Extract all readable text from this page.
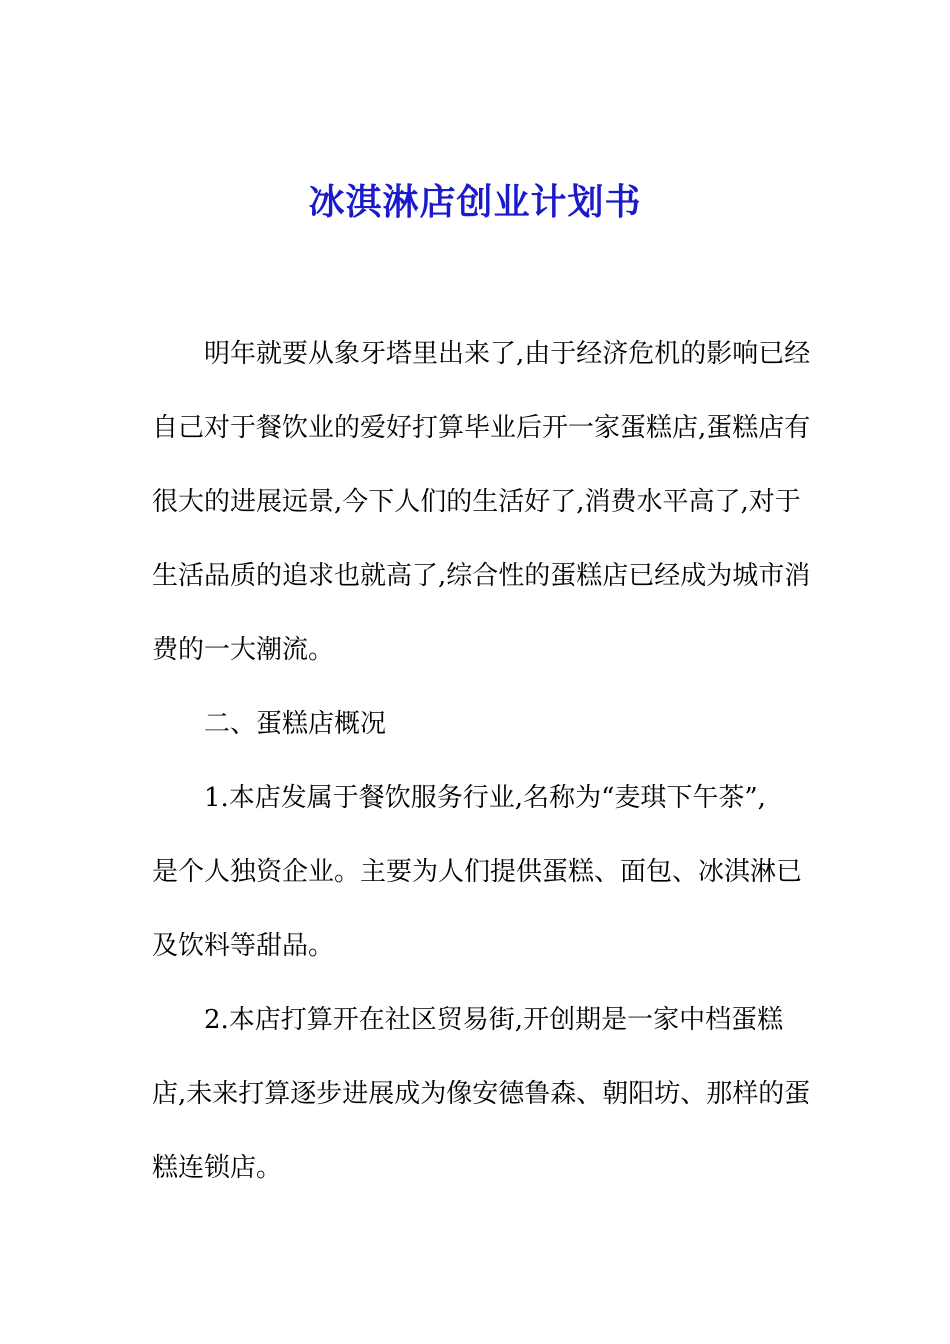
冰淇淋店创业计划书

明年就要从象牙塔里出来了,由于经济危机的影响已经

自己对于餐饮业的爱好打算毕业后开一家蛋糕店,蛋糕店有

很大的进展远景,今下人们的生活好了,消费水平高了,对于

生活品质的追求也就高了,综合性的蛋糕店已经成为城市消

费的一大潮流。

二、蛋糕店概况

1.本店发属于餐饮服务行业,名称为“麦琪下午茶”,

是个人独资企业。主要为人们提供蛋糕、面包、冰淇淋已

及饮料等甜品。

2.本店打算开在社区贸易街,开创期是一家中档蛋糕

店,未来打算逐步进展成为像安德鲁森、朝阳坊、那样的蛋

糕连锁店。
